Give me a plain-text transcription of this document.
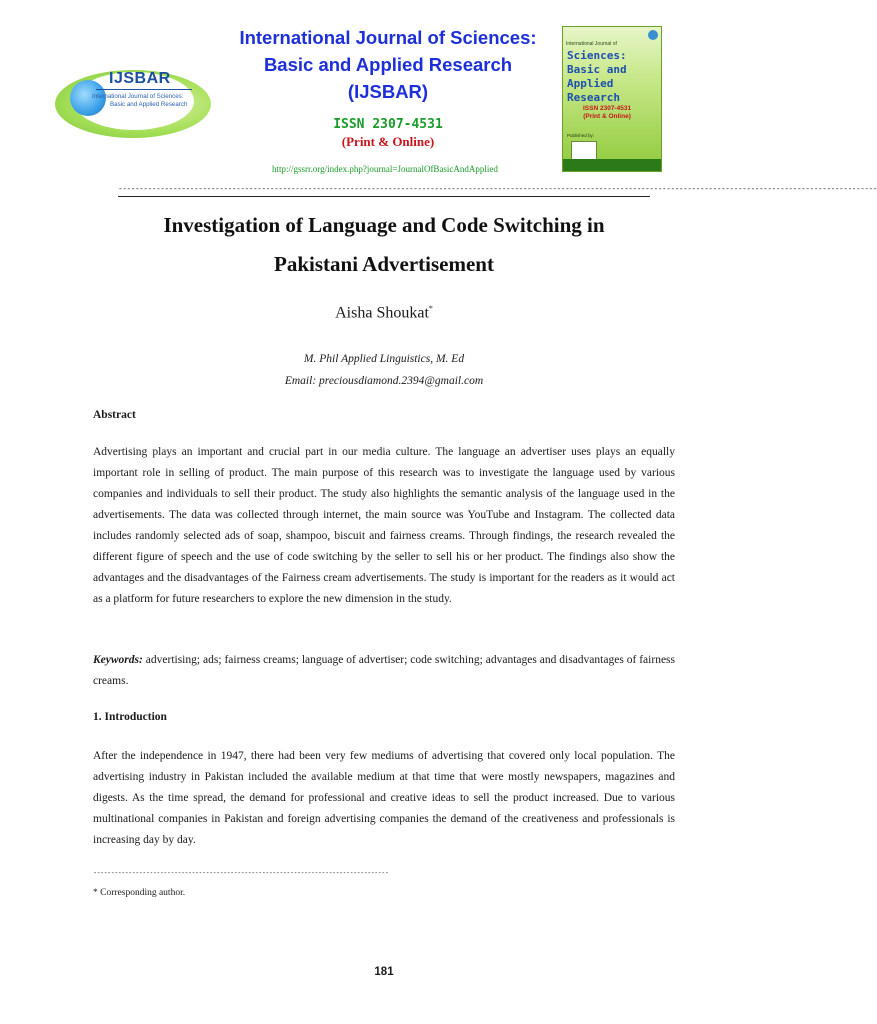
IJSBAR
International Journal of Sciences:
Basic and Applied Research
International Journal of Sciences:
Basic and Applied Research
(IJSBAR)
ISSN 2307-4531
(Print & Online)
http://gssrr.org/index.php?journal=JournalOfBasicAndApplied
International Journal of
Sciences: Basic and Applied Research
ISSN 2307-4531
(Print & Online)
Published by:
------------------------------------------------------------------------------------------------------------------------------------------------------------------------------------
Investigation of Language and Code Switching in
Pakistani Advertisement
Aisha Shoukat*
M. Phil Applied Linguistics, M. Ed
Email: preciousdiamond.2394@gmail.com
Abstract
Advertising plays an important and crucial part in our media culture. The language an advertiser uses plays an equally important role in selling of product. The main purpose of this research was to investigate the language used by various companies and individuals to sell their product. The study also highlights the semantic analysis of the language used in the advertisements. The data was collected through internet, the main source was YouTube and Instagram. The collected data includes randomly selected ads of soap, shampoo, biscuit and fairness creams. Through findings, the research revealed the different figure of speech and the use of code switching by the seller to sell his or her product. The findings also show the advantages and the disadvantages of the Fairness cream advertisements. The study is important for the readers as it would act as a platform for future researchers to explore the new dimension in the study.
Keywords: advertising; ads; fairness creams; language of advertiser; code switching; advantages and disadvantages of fairness creams.
1. Introduction
After the independence in 1947, there had been very few mediums of advertising that covered only local population. The advertising industry in Pakistan included the available medium at that time that were mostly newspapers, magazines and digests. As the time spread, the demand for professional and creative ideas to sell the product increased. Due to various multinational companies in Pakistan and foreign advertising companies the demand of the creativeness and professionals is increasing day by day.
------------------------------------------------------------------------------------
* Corresponding author.
181
